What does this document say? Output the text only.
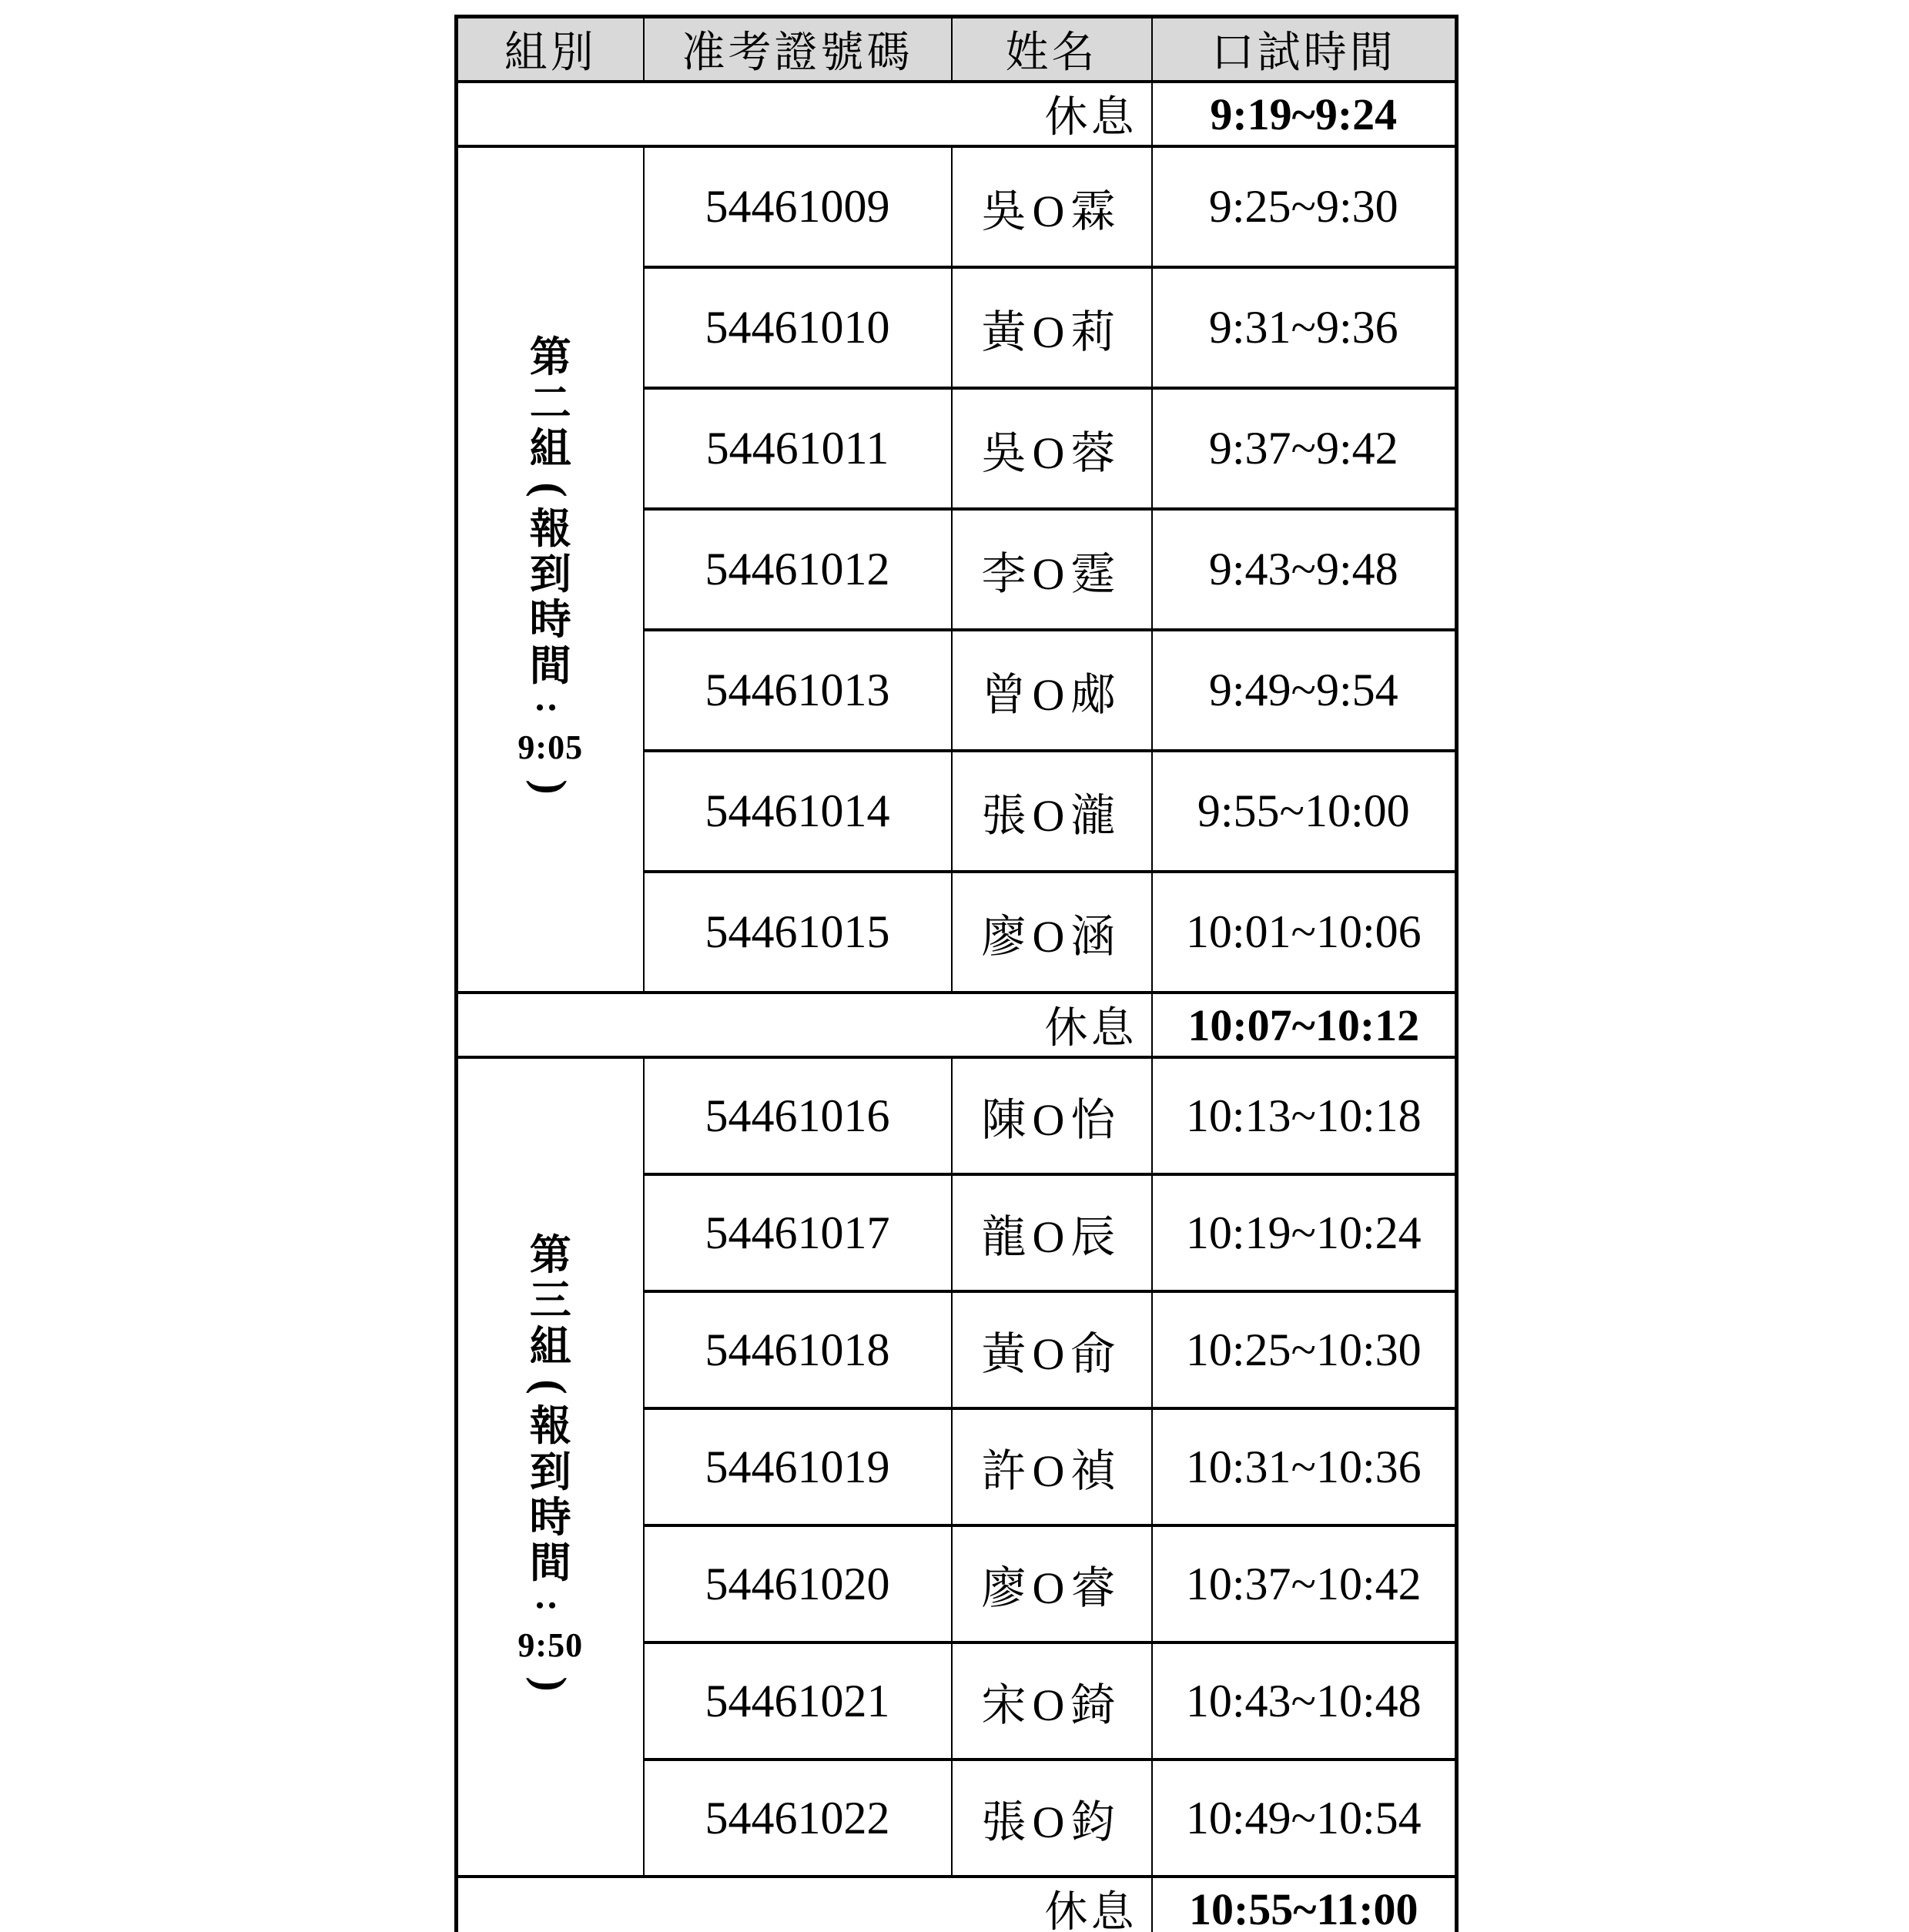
組別	准考證號碼	姓名	口試時間
休息			9:19~9:24

第
二
組
(
報
到
時
間
:
9:05
)
	54461009	吳O霖	9:25~9:30
	54461010	黃O莉	9:31~9:36
	54461011	吳O蓉	9:37~9:42
	54461012	李O霆	9:43~9:48
	54461013	曾O郕	9:49~9:54
	54461014	張O瀧	9:55~10:00
	54461015	廖O涵	10:01~10:06
休息			10:07~10:12

第
三
組
(
報
到
時
間
:
9:50
)
	54461016	陳O怡	10:13~10:18
	54461017	龍O辰	10:19~10:24
	54461018	黃O俞	10:25~10:30
	54461019	許O禎	10:31~10:36
	54461020	廖O睿	10:37~10:42
	54461021	宋O錡	10:43~10:48
	54461022	張O鈞	10:49~10:54
休息			10:55~11:00
